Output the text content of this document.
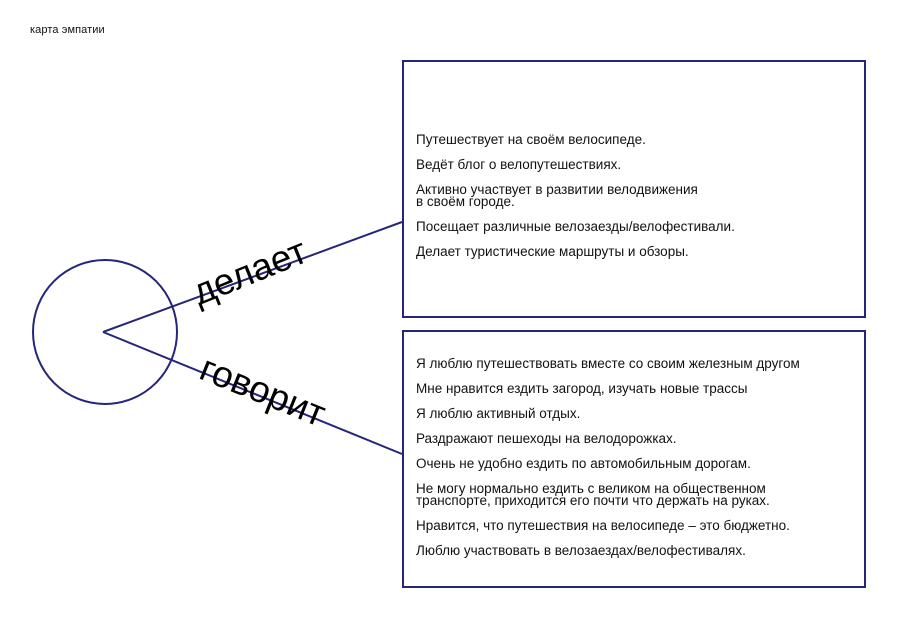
карта эмпатии
делает
говорит
Путешествует на своём велосипеде.
Ведёт блог о велопутешествиях.
Активно участвует в развитии велодвижения
в своём городе.
Посещает различные велозаезды/велофестивали.
Делает туристические маршруты и обзоры.
Я люблю путешествовать вместе со своим железным другом
Мне нравится ездить загород, изучать новые трассы
Я люблю активный отдых.
Раздражают пешеходы на велодорожках.
Очень не удобно ездить по автомобильным дорогам.
Не могу нормально ездить с великом на общественном
транспорте, приходится его почти что держать на руках.
Нравится, что путешествия на велосипеде – это бюджетно.
Люблю участвовать в велозаездах/велофестивалях.
